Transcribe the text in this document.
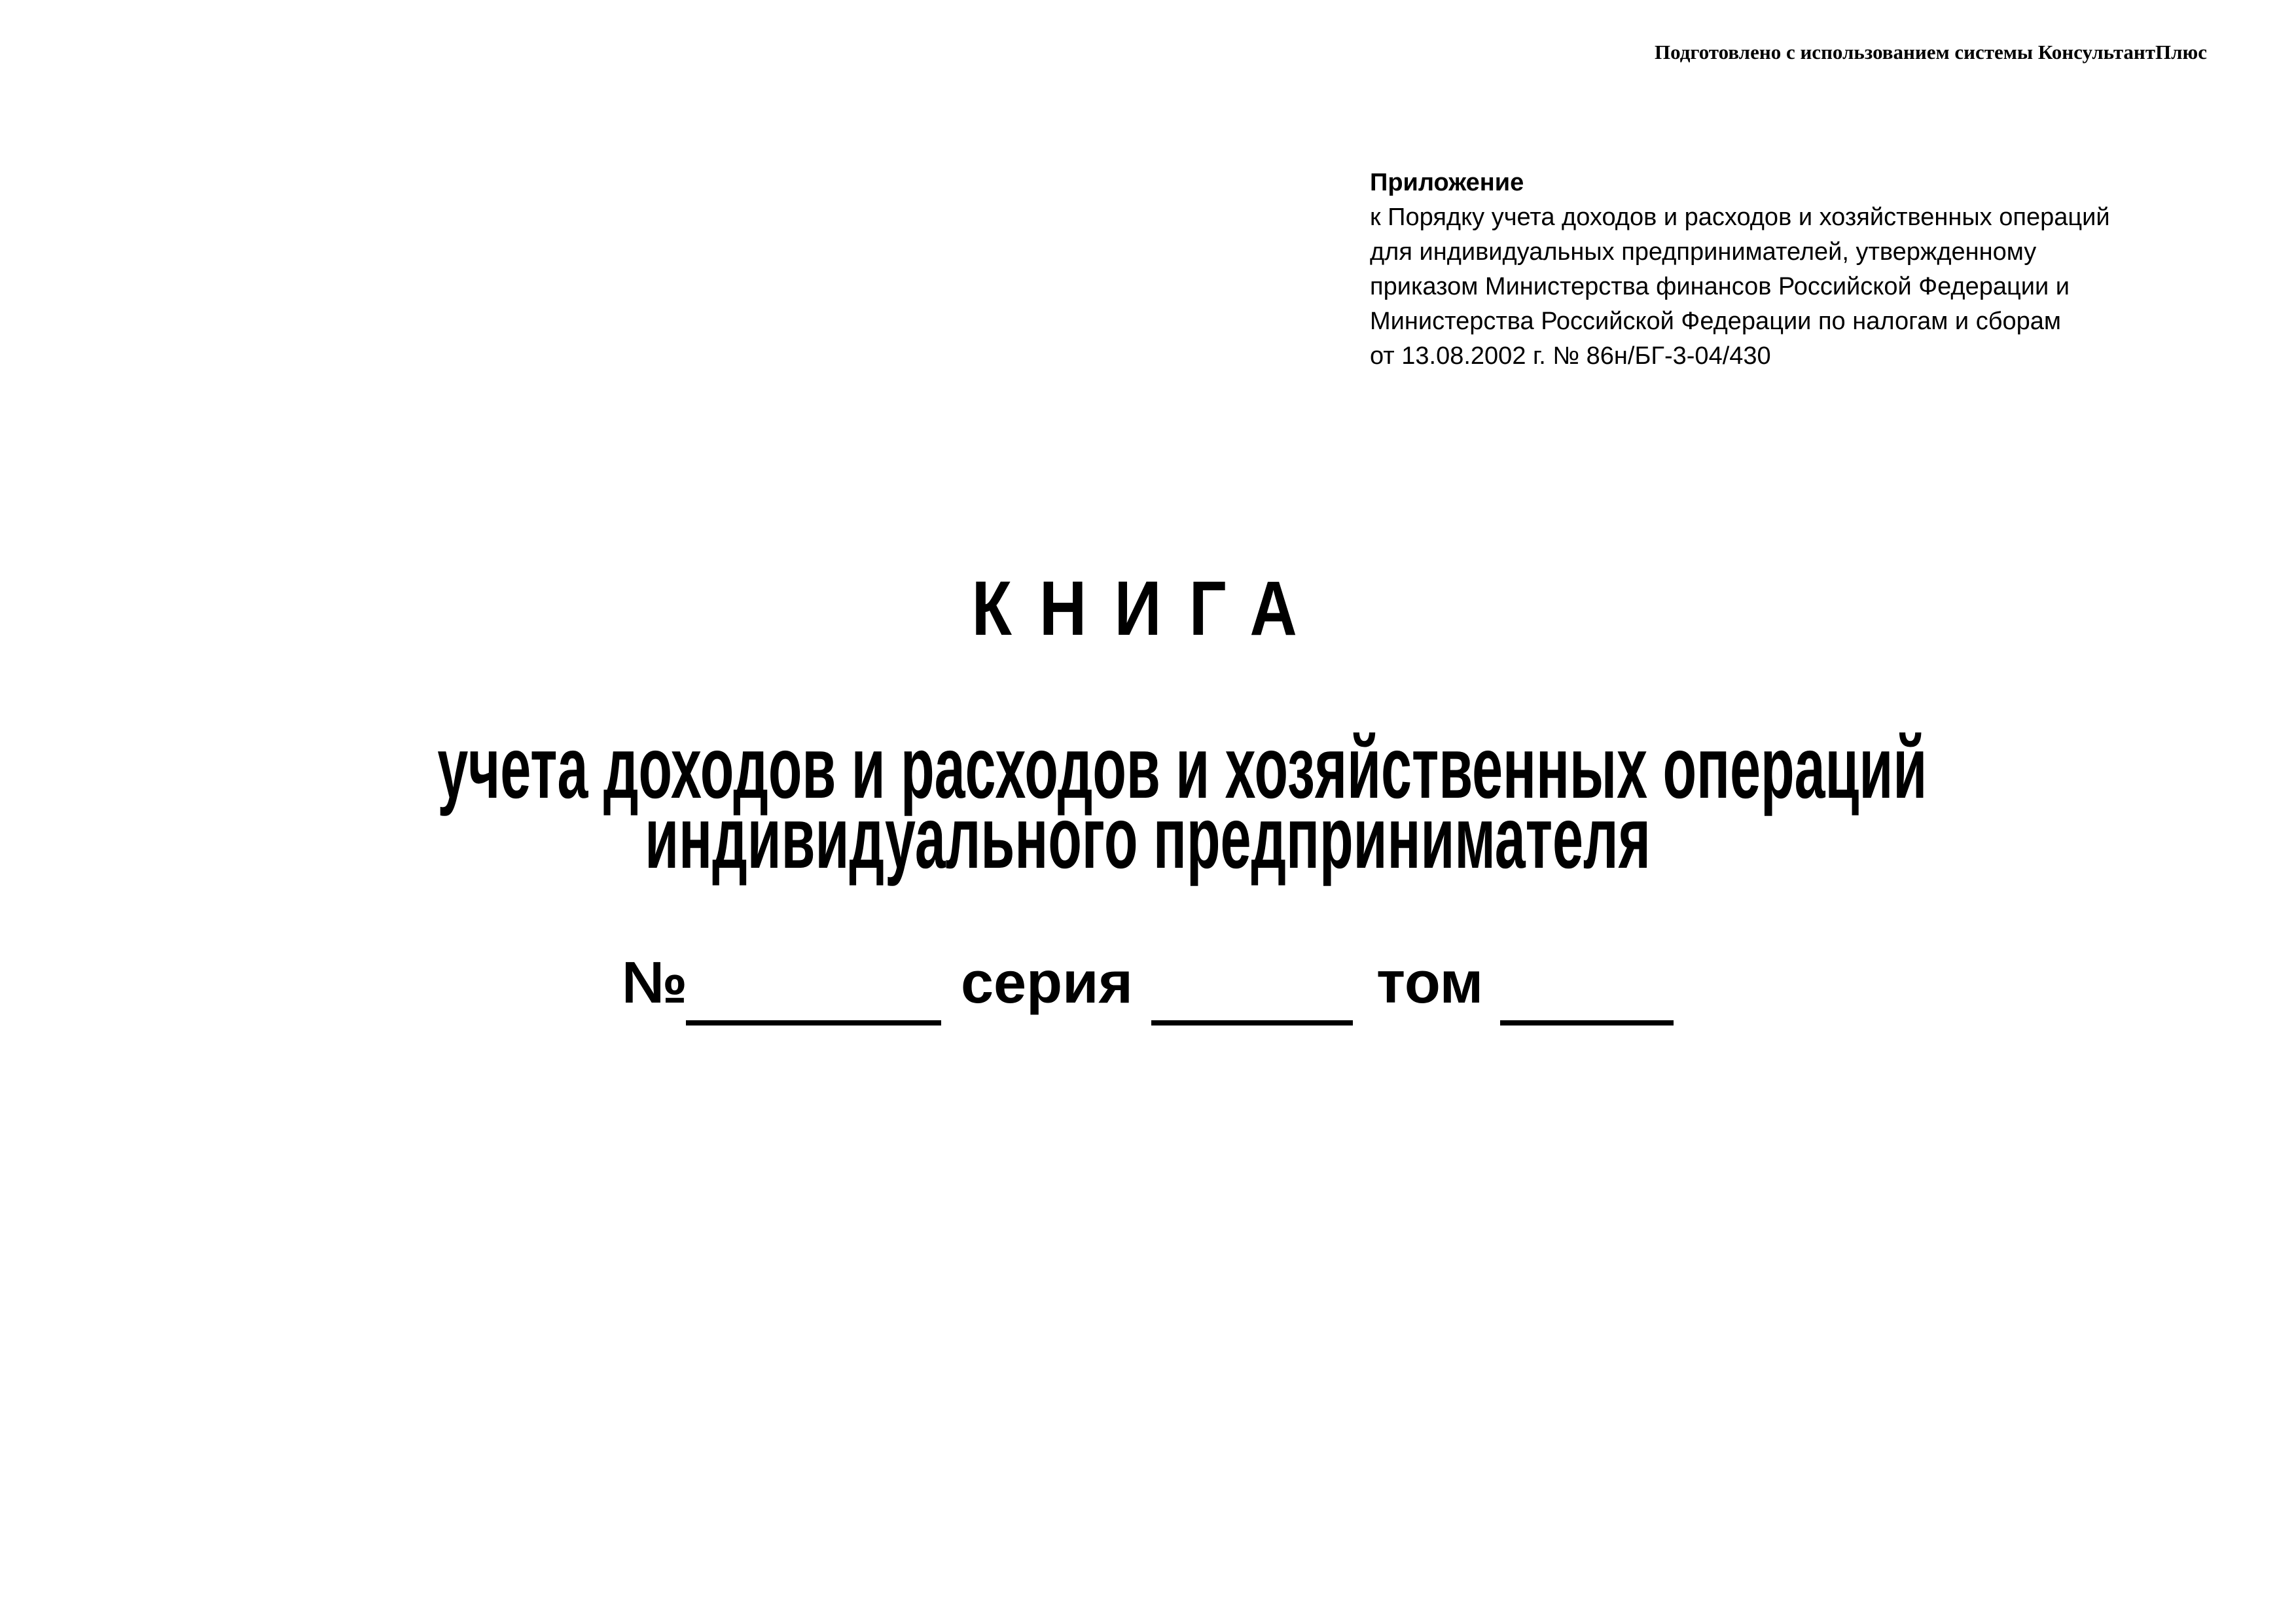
Подготовлено с использованием системы КонсультантПлюс
Приложение
к Порядку учета доходов и расходов и хозяйственных операций
для индивидуальных предпринимателей, утвержденному
приказом Министерства финансов Российской Федерации и
Министерства Российской Федерации по налогам и сборам
от 13.08.2002 г. № 86н/БГ-3-04/430
КНИГА
учета доходов и расходов и хозяйственных операций
индивидуального предпринимателя
№	серия	том
